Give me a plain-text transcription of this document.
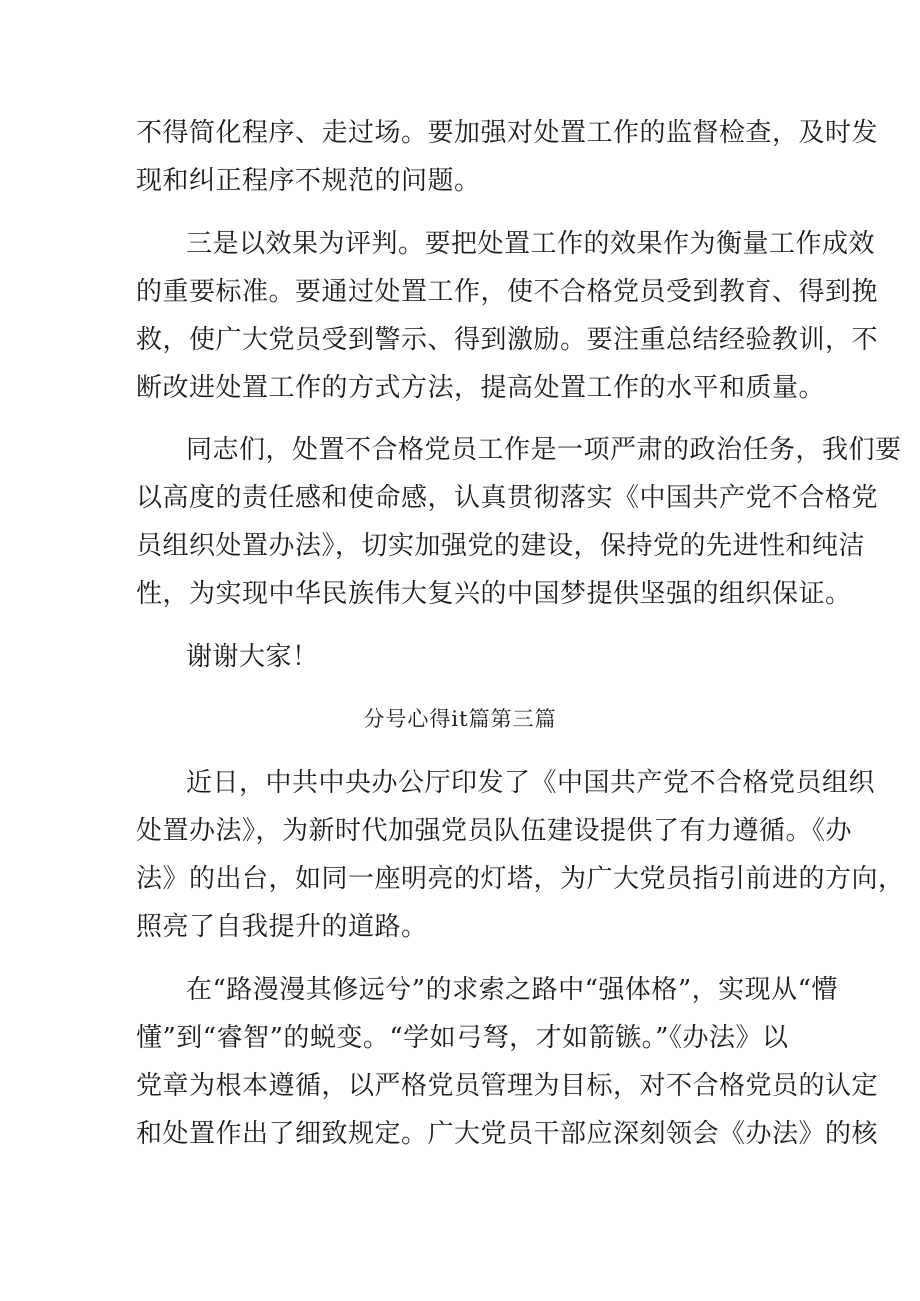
不得简化程序、走过场。要加强对处置工作的监督检查，及时发
现和纠正程序不规范的问题。
三是以效果为评判。要把处置工作的效果作为衡量工作成效
的重要标准。要通过处置工作，使不合格党员受到教育、得到挽
救，使广大党员受到警示、得到激励。要注重总结经验教训，不
断改进处置工作的方式方法，提高处置工作的水平和质量。
同志们，处置不合格党员工作是一项严肃的政治任务，我们要
以高度的责任感和使命感，认真贯彻落实《中国共产党不合格党
员组织处置办法》，切实加强党的建设，保持党的先进性和纯洁
性，为实现中华民族伟大复兴的中国梦提供坚强的组织保证。
谢谢大家！
分号心得it篇第三篇
近日，中共中央办公厅印发了《中国共产党不合格党员组织
处置办法》，为新时代加强党员队伍建设提供了有力遵循。《办
法》的出台，如同一座明亮的灯塔，为广大党员指引前进的方向，
照亮了自我提升的道路。
在“路漫漫其修远兮”的求索之路中“强体格”，实现从“懵
懂”到“睿智”的蜕变。“学如弓弩，才如箭镞。”《办法》以
党章为根本遵循，以严格党员管理为目标，对不合格党员的认定
和处置作出了细致规定。广大党员干部应深刻领会《办法》的核
